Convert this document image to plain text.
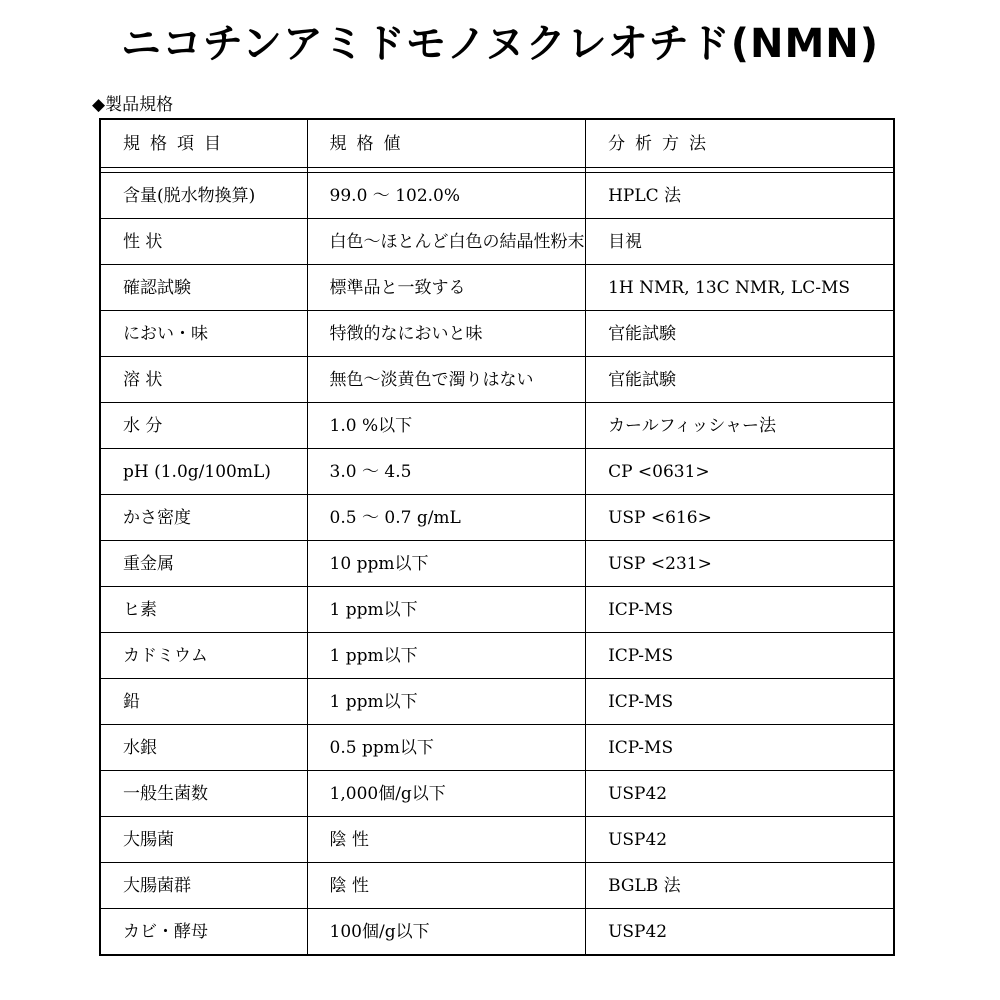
ニコチンアミドモノヌクレオチド(NMN)
◆製品規格
規格項目	規格値	分析方法

含量(脱水物換算)	99.0 ～ 102.0%	HPLC 法
性 状	白色～ほとんど白色の結晶性粉末	目視
確認試験	標準品と一致する	1H NMR, 13C NMR, LC-MS
におい・味	特徴的なにおいと味	官能試験
溶 状	無色～淡黄色で濁りはない	官能試験
水 分	1.0 %以下	カールフィッシャー法
pH (1.0g/100mL)	3.0 ～ 4.5	CP <0631>
かさ密度	0.5 ～ 0.7 g/mL	USP <616>
重金属	10 ppm以下	USP <231>
ヒ素	1 ppm以下	ICP-MS
カドミウム	1 ppm以下	ICP-MS
鉛	1 ppm以下	ICP-MS
水銀	0.5 ppm以下	ICP-MS
一般生菌数	1,000個/g以下	USP42
大腸菌	陰 性	USP42
大腸菌群	陰 性	BGLB 法
カビ・酵母	100個/g以下	USP42
